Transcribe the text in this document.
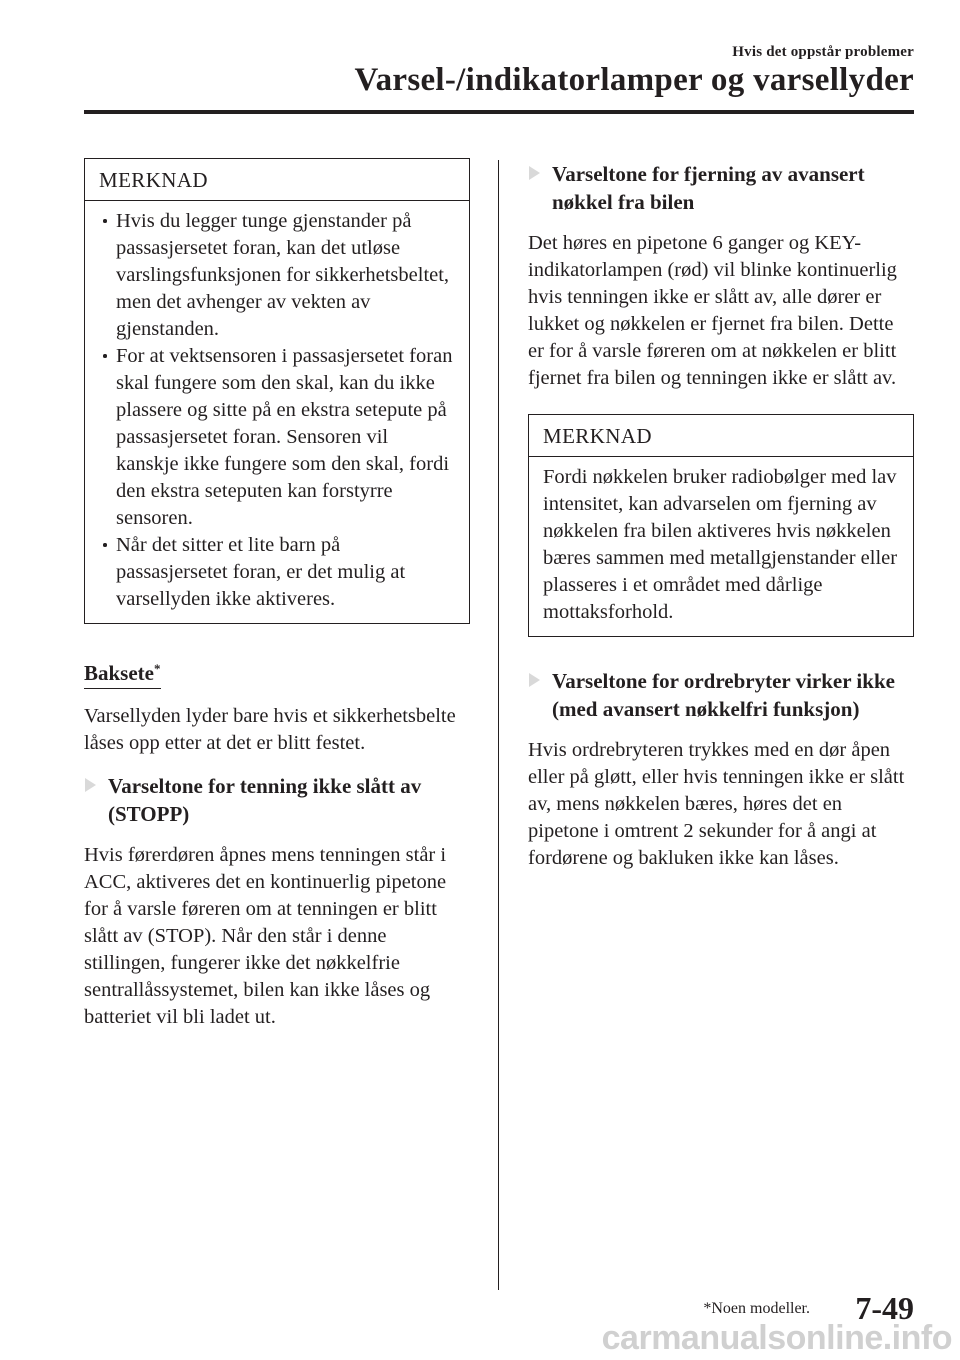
Hvis det oppstår problemer
Varsel-/indikatorlamper og varsellyder
MERKNAD
Hvis du legger tunge gjenstander på passasjersetet foran, kan det utløse varslingsfunksjonen for sikkerhetsbeltet, men det avhenger av vekten av gjenstanden.
For at vektsensoren i passasjersetet foran skal fungere som den skal, kan du ikke plassere og sitte på en ekstra setepute på passasjersetet foran. Sensoren vil kanskje ikke fungere som den skal, fordi den ekstra seteputen kan forstyrre sensoren.
Når det sitter et lite barn på passasjersetet foran, er det mulig at varsellyden ikke aktiveres.
Baksete*

Varsellyden lyder bare hvis et sikkerhetsbelte låses opp etter at det er blitt festet.

Varseltone for tenning ikke slått av (STOPP)

Hvis førerdøren åpnes mens tenningen står i ACC, aktiveres det en kontinuerlig pipetone for å varsle føreren om at tenningen er blitt slått av (STOP). Når den står i denne stillingen, fungerer ikke det nøkkelfrie sentrallåssystemet, bilen kan ikke låses og batteriet vil bli ladet ut.

Varseltone for fjerning av avansert nøkkel fra bilen

Det høres en pipetone 6 ganger og KEY-indikatorlampen (rød) vil blinke kontinuerlig hvis tenningen ikke er slått av, alle dører er lukket og nøkkelen er fjernet fra bilen. Dette er for å varsle føreren om at nøkkelen er blitt fjernet fra bilen og tenningen ikke er slått av.

MERKNAD
Fordi nøkkelen bruker radiobølger med lav intensitet, kan advarselen om fjerning av nøkkelen fra bilen aktiveres hvis nøkkelen bæres sammen med metallgjenstander eller plasseres i et området med dårlige mottaksforhold.
Varseltone for ordrebryter virker ikke (med avansert nøkkelfri funksjon)

Hvis ordrebryteren trykkes med en dør åpen eller på gløtt, eller hvis tenningen ikke er slått av, mens nøkkelen bæres, høres det en pipetone i omtrent 2 sekunder for å angi at fordørene og bakluken ikke kan låses.

*Noen modeller. 7-49
carmanualsonline.info
